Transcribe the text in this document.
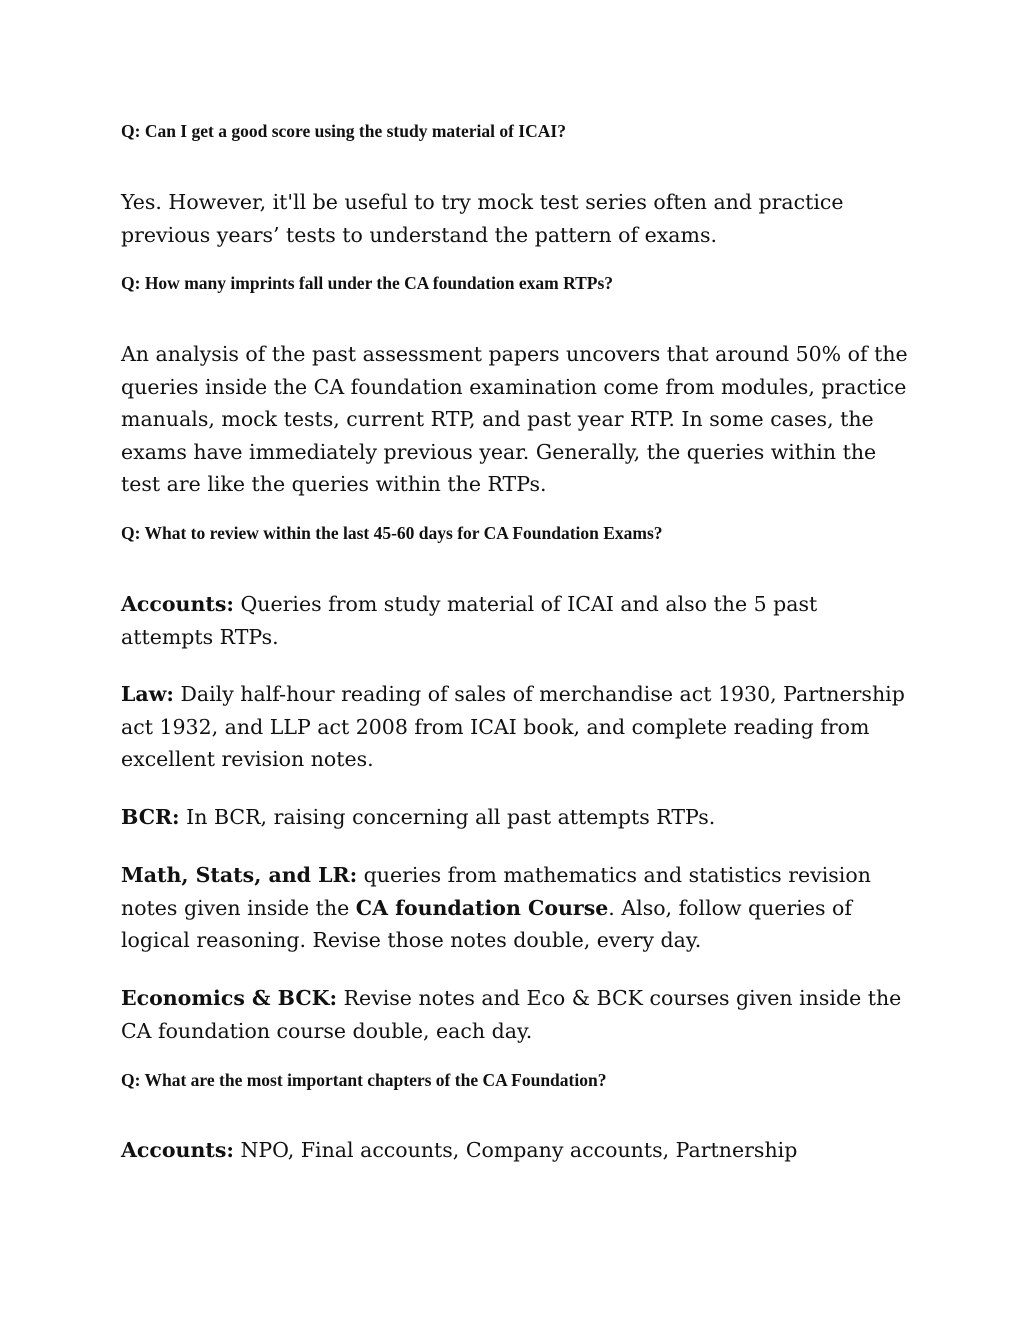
Q: Can I get a good score using the study material of ICAI?

Yes. However, it'll be useful to try mock test series often and practice previous years’ tests to understand the pattern of exams.

Q: How many imprints fall under the CA foundation exam RTPs?

An analysis of the past assessment papers uncovers that around 50% of the queries inside the CA foundation examination come from modules, practice manuals, mock tests, current RTP, and past year RTP. In some cases, the exams have immediately previous year. Generally, the queries within the test are like the queries within the RTPs.

Q: What to review within the last 45-60 days for CA Foundation Exams?

Accounts: Queries from study material of ICAI and also the 5 past attempts RTPs.

Law: Daily half-hour reading of sales of merchandise act 1930, Partnership act 1932, and LLP act 2008 from ICAI book, and complete reading from excellent revision notes.

BCR: In BCR, raising concerning all past attempts RTPs.

Math, Stats, and LR: queries from mathematics and statistics revision notes given inside the CA foundation Course. Also, follow queries of logical reasoning. Revise those notes double, every day.

Economics & BCK: Revise notes and Eco & BCK courses given inside the CA foundation course double, each day.

Q: What are the most important chapters of the CA Foundation?

Accounts: NPO, Final accounts, Company accounts, Partnership
